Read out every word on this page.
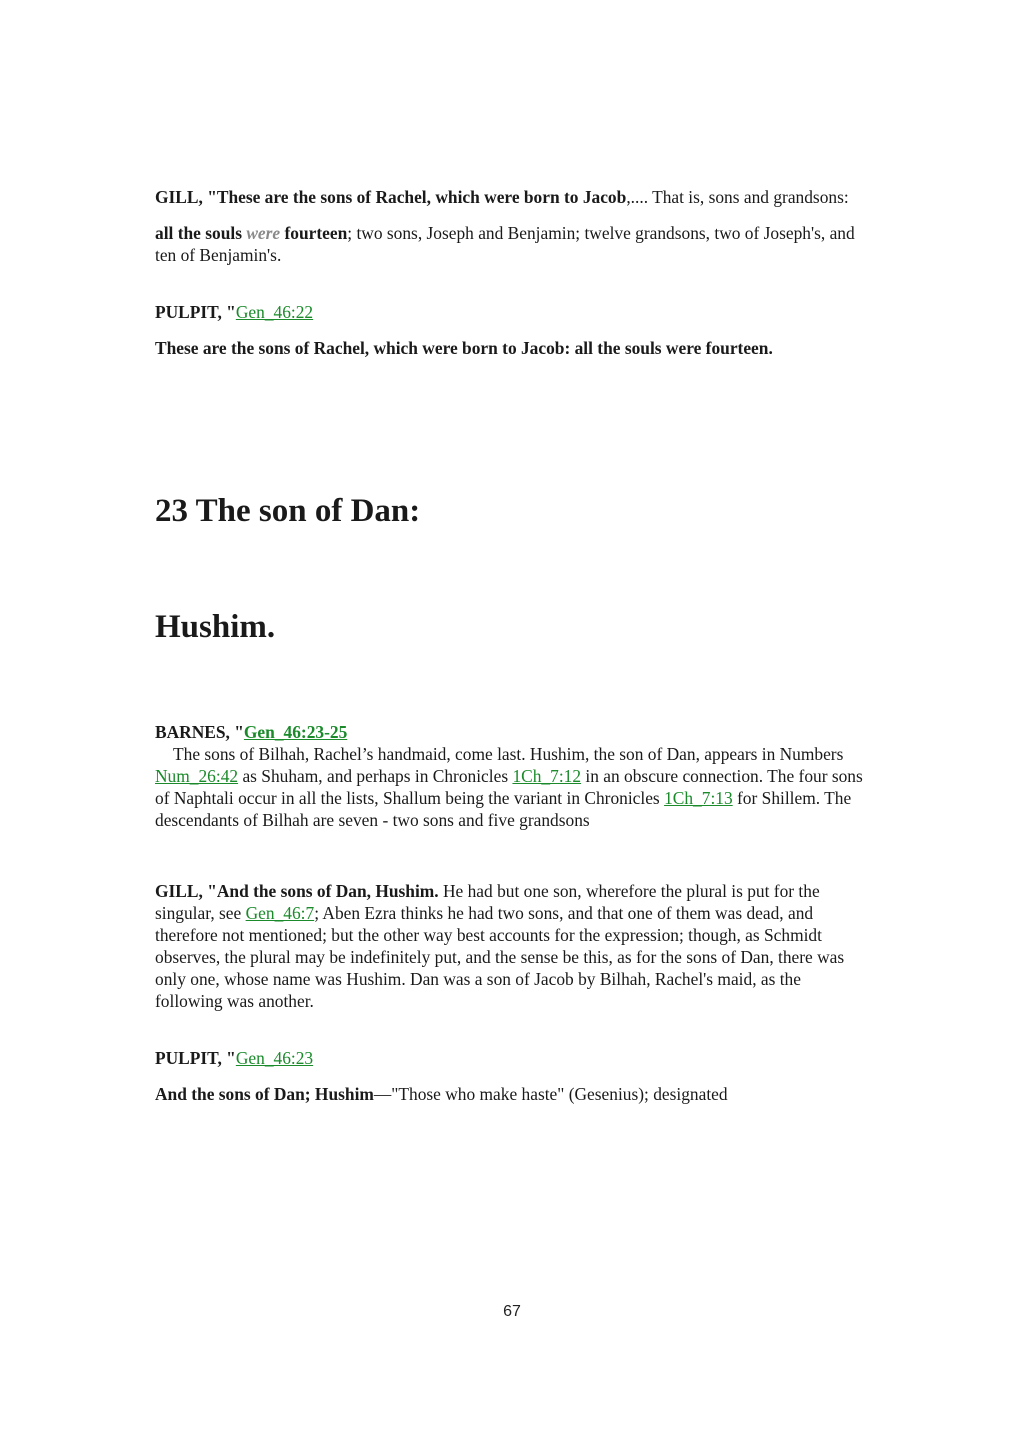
GILL, "These are the sons of Rachel, which were born to Jacob,.... That is, sons and grandsons:

all the souls were fourteen; two sons, Joseph and Benjamin; twelve grandsons, two of Joseph's, and ten of Benjamin's.

PULPIT, "Gen_46:22

These are the sons of Rachel, which were born to Jacob: all the souls were fourteen.

23 The son of Dan:

Hushim.

BARNES, "Gen_46:23-25

The sons of Bilhah, Rachel’s handmaid, come last. Hushim, the son of Dan, appears in Numbers Num_26:42 as Shuham, and perhaps in Chronicles 1Ch_7:12 in an obscure connection. The four sons of Naphtali occur in all the lists, Shallum being the variant in Chronicles 1Ch_7:13 for Shillem. The descendants of Bilhah are seven - two sons and five grandsons

GILL, "And the sons of Dan, Hushim. He had but one son, wherefore the plural is put for the singular, see Gen_46:7; Aben Ezra thinks he had two sons, and that one of them was dead, and therefore not mentioned; but the other way best accounts for the expression; though, as Schmidt observes, the plural may be indefinitely put, and the sense be this, as for the sons of Dan, there was only one, whose name was Hushim. Dan was a son of Jacob by Bilhah, Rachel's maid, as the following was another.

PULPIT, "Gen_46:23

And the sons of Dan; Hushim—"Those who make haste" (Gesenius); designated

67
